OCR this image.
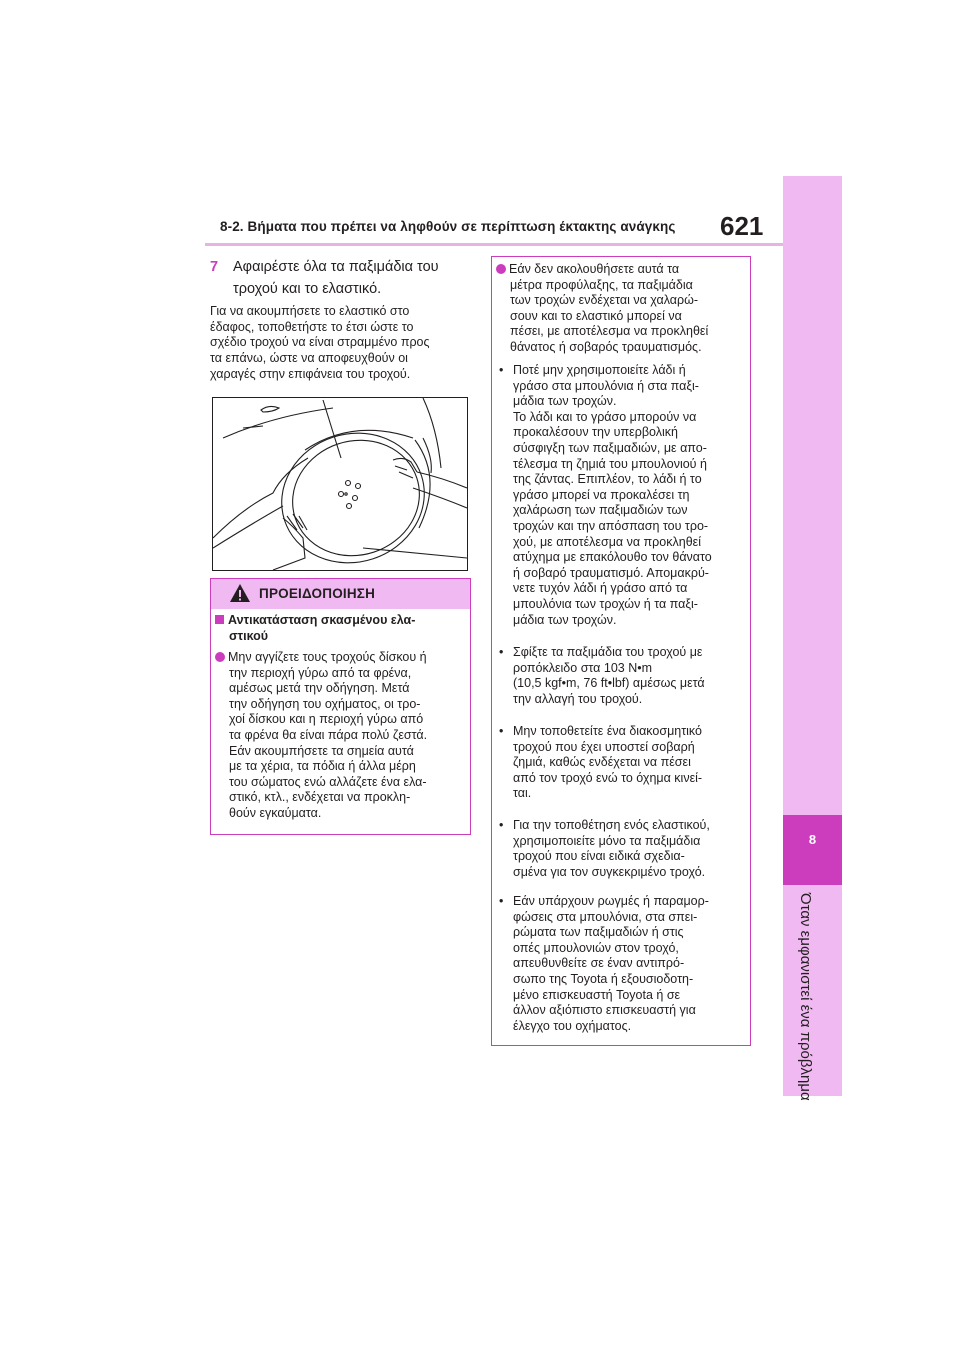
8-2. Βήματα που πρέπει να ληφθούν σε περίπτωση έκτακτης ανάγκης 621
8
Όταν εμφανιστεί ένα πρόβλημα
7 Αφαιρέστε όλα τα παξιμάδια του
τροχού και το ελαστικό.
Για να ακουμπήσετε το ελαστικό στο
έδαφος, τοποθετήστε το έτσι ώστε το
σχέδιο τροχού να είναι στραμμένο προς
τα επάνω, ώστε να αποφευχθούν οι
χαραγές στην επιφάνεια του τροχού.
ΠΡΟΕΙΔΟΠΟΙΗΣΗ
Αντικατάσταση σκασμένου ελα-
στικού
Μην αγγίζετε τους τροχούς δίσκου ή
την περιοχή γύρω από τα φρένα,
αμέσως μετά την οδήγηση. Μετά
την οδήγηση του οχήματος, οι τρο-
χοί δίσκου και η περιοχή γύρω από
τα φρένα θα είναι πάρα πολύ ζεστά.
Εάν ακουμπήσετε τα σημεία αυτά
με τα χέρια, τα πόδια ή άλλα μέρη
του σώματος ενώ αλλάζετε ένα ελα-
στικό, κτλ., ενδέχεται να προκλη-
θούν εγκαύματα.
Εάν δεν ακολουθήσετε αυτά τα
μέτρα προφύλαξης, τα παξιμάδια
των τροχών ενδέχεται να χαλαρώ-
σουν και το ελαστικό μπορεί να
πέσει, με αποτέλεσμα να προκληθεί
θάνατος ή σοβαρός τραυματισμός.
• Ποτέ μην χρησιμοποιείτε λάδι ή
γράσο στα μπουλόνια ή στα παξι-
μάδια των τροχών.
Το λάδι και το γράσο μπορούν να
προκαλέσουν την υπερβολική
σύσφιγξη των παξιμαδιών, με απο-
τέλεσμα τη ζημιά του μπουλονιού ή
της ζάντας. Επιπλέον, το λάδι ή το
γράσο μπορεί να προκαλέσει τη
χαλάρωση των παξιμαδιών των
τροχών και την απόσπαση του τρο-
χού, με αποτέλεσμα να προκληθεί
ατύχημα με επακόλουθο τον θάνατο
ή σοβαρό τραυματισμό. Απομακρύ-
νετε τυχόν λάδι ή γράσο από τα
μπουλόνια των τροχών ή τα παξι-
μάδια των τροχών.
• Σφίξτε τα παξιμάδια του τροχού με
ροπόκλειδο στα 103 N•m
(10,5 kgf•m, 76 ft•lbf) αμέσως μετά
την αλλαγή του τροχού.
• Μην τοποθετείτε ένα διακοσμητικό
τροχού που έχει υποστεί σοβαρή
ζημιά, καθώς ενδέχεται να πέσει
από τον τροχό ενώ το όχημα κινεί-
ται.
• Για την τοποθέτηση ενός ελαστικού,
χρησιμοποιείτε μόνο τα παξιμάδια
τροχού που είναι ειδικά σχεδια-
σμένα για τον συγκεκριμένο τροχό.
• Εάν υπάρχουν ρωγμές ή παραμορ-
φώσεις στα μπουλόνια, στα σπει-
ρώματα των παξιμαδιών ή στις
οπές μπουλονιών στον τροχό,
απευθυνθείτε σε έναν αντιπρό-
σωπο της Toyota ή εξουσιοδοτη-
μένο επισκευαστή Toyota ή σε
άλλον αξιόπιστο επισκευαστή για
έλεγχο του οχήματος.
